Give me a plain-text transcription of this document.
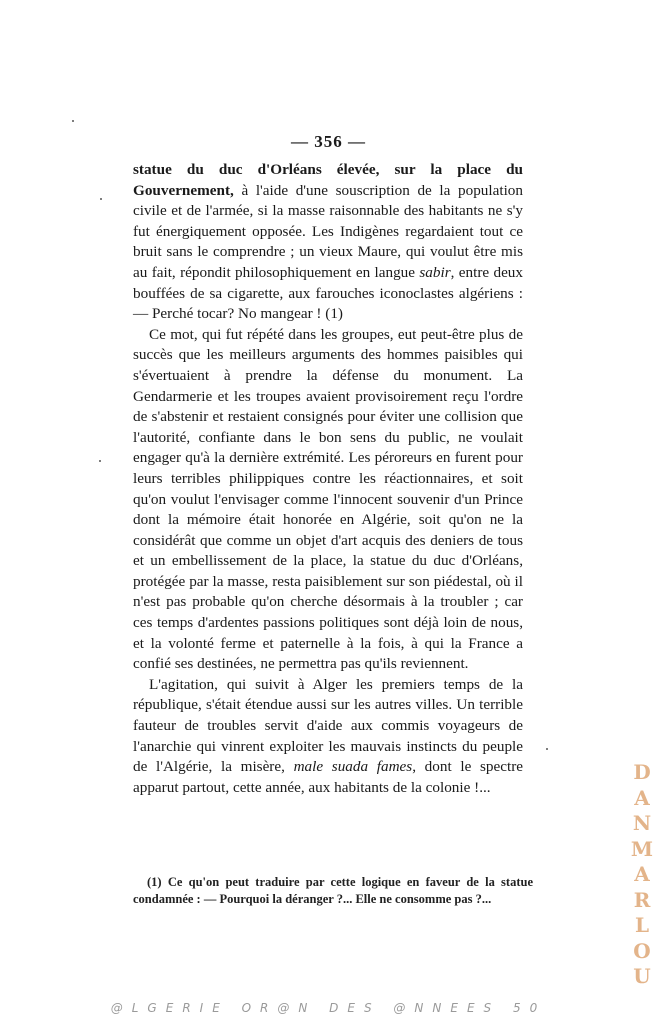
— 356 —

statue du duc d'Orléans élevée, sur la place du Gouvernement, à l'aide d'une souscription de la population civile et de l'armée, si la masse raisonnable des habitants ne s'y fut énergiquement opposée. Les Indigènes regardaient tout ce bruit sans le comprendre ; un vieux Maure, qui voulut être mis au fait, répondit philosophiquement en langue sabir, entre deux bouffées de sa cigarette, aux farouches iconoclastes algériens : — Perché tocar? No mangear ! (1)

Ce mot, qui fut répété dans les groupes, eut peut-être plus de succès que les meilleurs arguments des hommes paisibles qui s'évertuaient à prendre la défense du monument. La Gendarmerie et les troupes avaient provisoirement reçu l'ordre de s'abstenir et restaient consignés pour éviter une collision que l'autorité, confiante dans le bon sens du public, ne voulait engager qu'à la dernière extrémité. Les péroreurs en furent pour leurs terribles philippiques contre les réactionnaires, et soit qu'on voulut l'envisager comme l'innocent souvenir d'un Prince dont la mémoire était honorée en Algérie, soit qu'on ne la considérât que comme un objet d'art acquis des deniers de tous et un embellissement de la place, la statue du duc d'Orléans, protégée par la masse, resta paisiblement sur son piédestal, où il n'est pas probable qu'on cherche désormais à la troubler ; car ces temps d'ardentes passions politiques sont déjà loin de nous, et la volonté ferme et paternelle à la fois, à qui la France a confié ses destinées, ne permettra pas qu'ils reviennent.

L'agitation, qui suivit à Alger les premiers temps de la république, s'était étendue aussi sur les autres villes. Un terrible fauteur de troubles servit d'aide aux commis voyageurs de l'anarchie qui vinrent exploiter les mauvais instincts du peuple de l'Algérie, la misère, male suada fames, dont le spectre apparut partout, cette année, aux habitants de la colonie !...

(1) Ce qu'on peut traduire par cette logique en faveur de la statue condamnée : — Pourquoi la déranger ?... Elle ne consomme pas ?...
D
A
N
M
A
R
L
O
U
@LGERIE OR@N DES @NNEES 50
